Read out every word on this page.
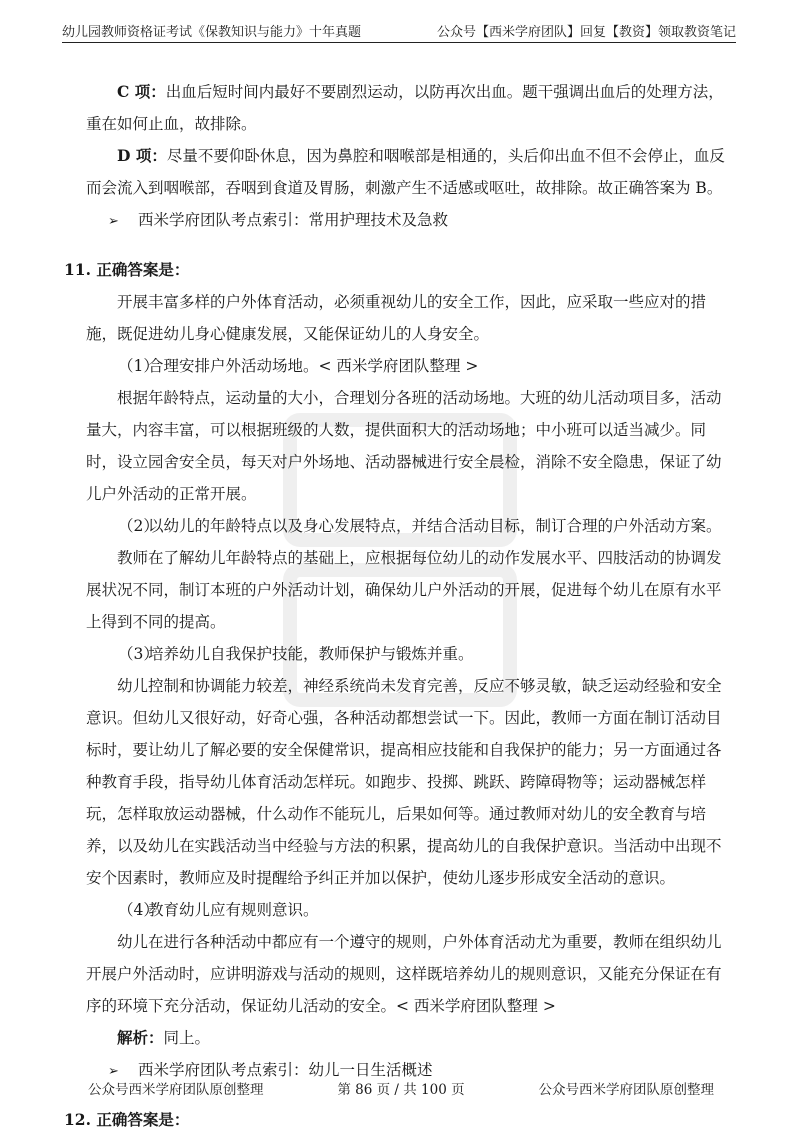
幼儿园教师资格证考试《保教知识与能力》十年真题	公众号【西米学府团队】回复【教资】领取教资笔记

C 项：出血后短时间内最好不要剧烈运动，以防再次出血。题干强调出血后的处理方法，重在如何止血，故排除。

D 项：尽量不要仰卧休息，因为鼻腔和咽喉部是相通的，头后仰出血不但不会停止，血反而会流入到咽喉部，吞咽到食道及胃肠，刺激产生不适感或呕吐，故排除。故正确答案为 B。

➢ 西米学府团队考点索引：常用护理技术及急救

11. 正确答案是：

开展丰富多样的户外体育活动，必须重视幼儿的安全工作，因此，应采取一些应对的措施，既促进幼儿身心健康发展，又能保证幼儿的人身安全。

（1）合理安排户外活动场地。< 西米学府团队整理 >

根据年龄特点，运动量的大小，合理划分各班的活动场地。大班的幼儿活动项目多，活动量大，内容丰富，可以根据班级的人数，提供面积大的活动场地；中小班可以适当减少。同时，设立园舍安全员，每天对户外场地、活动器械进行安全晨检，消除不安全隐患，保证了幼儿户外活动的正常开展。

（2）以幼儿的年龄特点以及身心发展特点，并结合活动目标，制订合理的户外活动方案。

教师在了解幼儿年龄特点的基础上，应根据每位幼儿的动作发展水平、四肢活动的协调发展状况不同，制订本班的户外活动计划，确保幼儿户外活动的开展，促进每个幼儿在原有水平上得到不同的提高。

（3）培养幼儿自我保护技能，教师保护与锻炼并重。

幼儿控制和协调能力较差，神经系统尚未发育完善，反应不够灵敏，缺乏运动经验和安全意识。但幼儿又很好动，好奇心强，各种活动都想尝试一下。因此，教师一方面在制订活动目标时，要让幼儿了解必要的安全保健常识，提高相应技能和自我保护的能力；另一方面通过各种教育手段，指导幼儿体育活动怎样玩。如跑步、投掷、跳跃、跨障碍物等；运动器械怎样玩，怎样取放运动器械，什么动作不能玩儿，后果如何等。通过教师对幼儿的安全教育与培养，以及幼儿在实践活动当中经验与方法的积累，提高幼儿的自我保护意识。当活动中出现不安个因素时，教师应及时提醒给予纠正并加以保护，使幼儿逐步形成安全活动的意识。

（4）教育幼儿应有规则意识。

幼儿在进行各种活动中都应有一个遵守的规则，户外体育活动尤为重要，教师在组织幼儿开展户外活动时，应讲明游戏与活动的规则，这样既培养幼儿的规则意识，又能充分保证在有序的环境下充分活动，保证幼儿活动的安全。< 西米学府团队整理 >

解析：同上。

➢ 西米学府团队考点索引：幼儿一日生活概述

12. 正确答案是：

公众号西米学府团队原创整理	第 86 页 / 共 100 页	公众号西米学府团队原创整理
